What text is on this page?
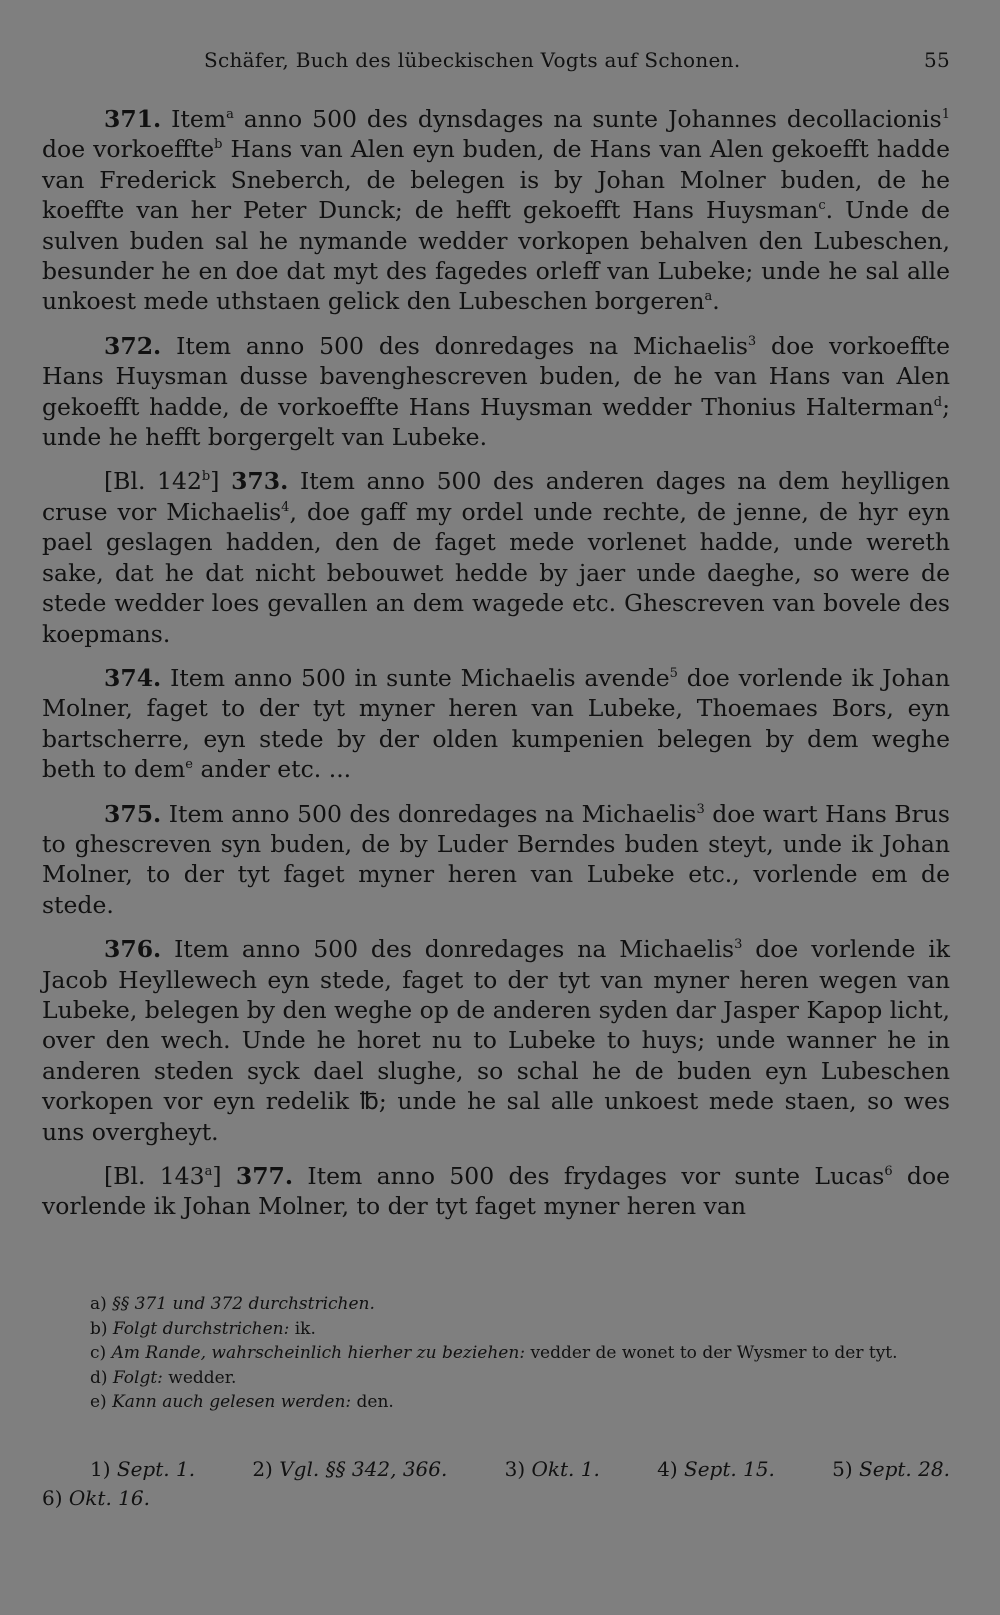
Schäfer, Buch des lübeckischen Vogts auf Schonen.	55

371. Item$^a$ anno 500 des dynsdages na sunte Johannes decollacionis$^1$ doe vorkoeffte$^b$ Hans van Alen eyn buden, de Hans van Alen gekoefft hadde van Frederick Sneberch, de belegen is by Johan Molner buden, de he koeffte van her Peter Dunck; de hefft gekoefft Hans Huysman$^c$. Unde de sulven buden sal he nymande wedder vorkopen behalven den Lubeschen, besunder he en doe dat myt des fagedes orleff van Lubeke; unde he sal alle unkoest mede uthstaen gelick den Lubeschen borgeren$^a$.

372. Item anno 500 des donredages na Michaelis$^3$ doe vorkoeffte Hans Huysman dusse bavenghescreven buden, de he van Hans van Alen gekoefft hadde, de vorkoeffte Hans Huysman wedder Thonius Halterman$^d$; unde he hefft borgergelt van Lubeke.

[Bl. 142$^b$] 373. Item anno 500 des anderen dages na dem heylligen cruse vor Michaelis$^4$, doe gaff my ordel unde rechte, de jenne, de hyr eyn pael geslagen hadden, den de faget mede vorlenet hadde, unde wereth sake, dat he dat nicht bebouwet hedde by jaer unde daeghe, so were de stede wedder loes gevallen an dem wagede etc. Ghescreven van bovele des koepmans.

374. Item anno 500 in sunte Michaelis avende$^5$ doe vorlende ik Johan Molner, faget to der tyt myner heren van Lubeke, Thoemaes Bors, eyn bartscherre, eyn stede by der olden kumpenien belegen by dem weghe beth to dem$^e$ ander etc. ...

375. Item anno 500 des donredages na Michaelis$^3$ doe wart Hans Brus to ghescreven syn buden, de by Luder Berndes buden steyt, unde ik Johan Molner, to der tyt faget myner heren van Lubeke etc., vorlende em de stede.

376. Item anno 500 des donredages na Michaelis$^3$ doe vorlende ik Jacob Heyllewech eyn stede, faget to der tyt van myner heren wegen van Lubeke, belegen by den weghe op de anderen syden dar Jasper Kapop licht, over den wech. Unde he horet nu to Lubeke to huys; unde wanner he in anderen steden syck dael slughe, so schal he de buden eyn Lubeschen vorkopen vor eyn redelik ℔; unde he sal alle unkoest mede staen, so wes uns overgheyt.

[Bl. 143$^a$] 377. Item anno 500 des frydages vor sunte Lucas$^6$ doe vorlende ik Johan Molner, to der tyt faget myner heren van

a) §§ 371 und 372 durchstrichen.
b) Folgt durchstrichen: ik.
c) Am Rande, wahrscheinlich hierher zu beziehen: vedder de wonet to der Wysmer to der tyt.
d) Folgt: wedder.
e) Kann auch gelesen werden: den.
1) Sept. 1.	2) Vgl. §§ 342, 366.	3) Okt. 1.	4) Sept. 15.	5) Sept. 28.
6) Okt. 16.
